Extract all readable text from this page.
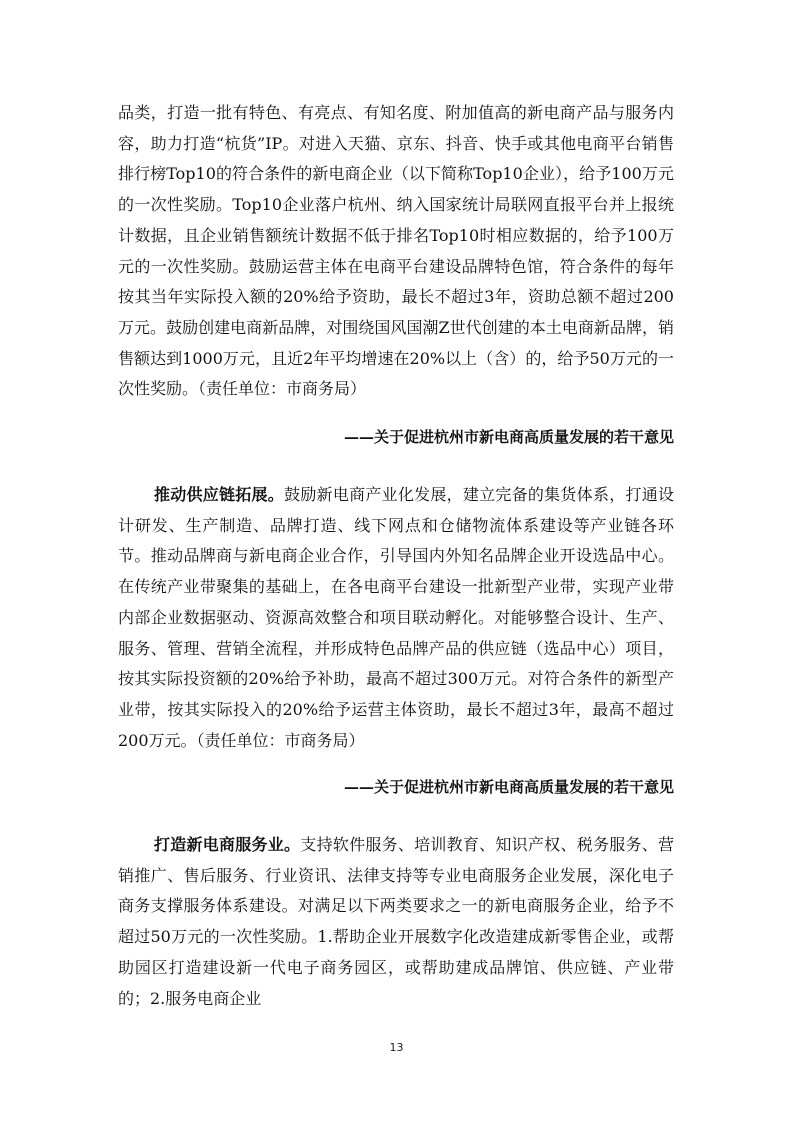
品类，打造一批有特色、有亮点、有知名度、附加值高的新电商产品与服务内容，助力打造“杭货”IP。对进入天猫、京东、抖音、快手或其他电商平台销售排行榜Top10的符合条件的新电商企业（以下简称Top10企业），给予100万元的一次性奖励。Top10企业落户杭州、纳入国家统计局联网直报平台并上报统计数据，且企业销售额统计数据不低于排名Top10时相应数据的，给予100万元的一次性奖励。鼓励运营主体在电商平台建设品牌特色馆，符合条件的每年按其当年实际投入额的20%给予资助，最长不超过3年，资助总额不超过200万元。鼓励创建电商新品牌，对围绕国风国潮Z世代创建的本土电商新品牌，销售额达到1000万元，且近2年平均增速在20%以上（含）的，给予50万元的一次性奖励。（责任单位：市商务局）

——关于促进杭州市新电商高质量发展的若干意见

推动供应链拓展。鼓励新电商产业化发展，建立完备的集货体系，打通设计研发、生产制造、品牌打造、线下网点和仓储物流体系建设等产业链各环节。推动品牌商与新电商企业合作，引导国内外知名品牌企业开设选品中心。在传统产业带聚集的基础上，在各电商平台建设一批新型产业带，实现产业带内部企业数据驱动、资源高效整合和项目联动孵化。对能够整合设计、生产、服务、管理、营销全流程，并形成特色品牌产品的供应链（选品中心）项目，按其实际投资额的20%给予补助，最高不超过300万元。对符合条件的新型产业带，按其实际投入的20%给予运营主体资助，最长不超过3年，最高不超过200万元。（责任单位：市商务局）

——关于促进杭州市新电商高质量发展的若干意见

打造新电商服务业。支持软件服务、培训教育、知识产权、税务服务、营销推广、售后服务、行业资讯、法律支持等专业电商服务企业发展，深化电子商务支撑服务体系建设。对满足以下两类要求之一的新电商服务企业，给予不超过50万元的一次性奖励。1.帮助企业开展数字化改造建成新零售企业，或帮助园区打造建设新一代电子商务园区，或帮助建成品牌馆、供应链、产业带的；2.服务电商企业

13
